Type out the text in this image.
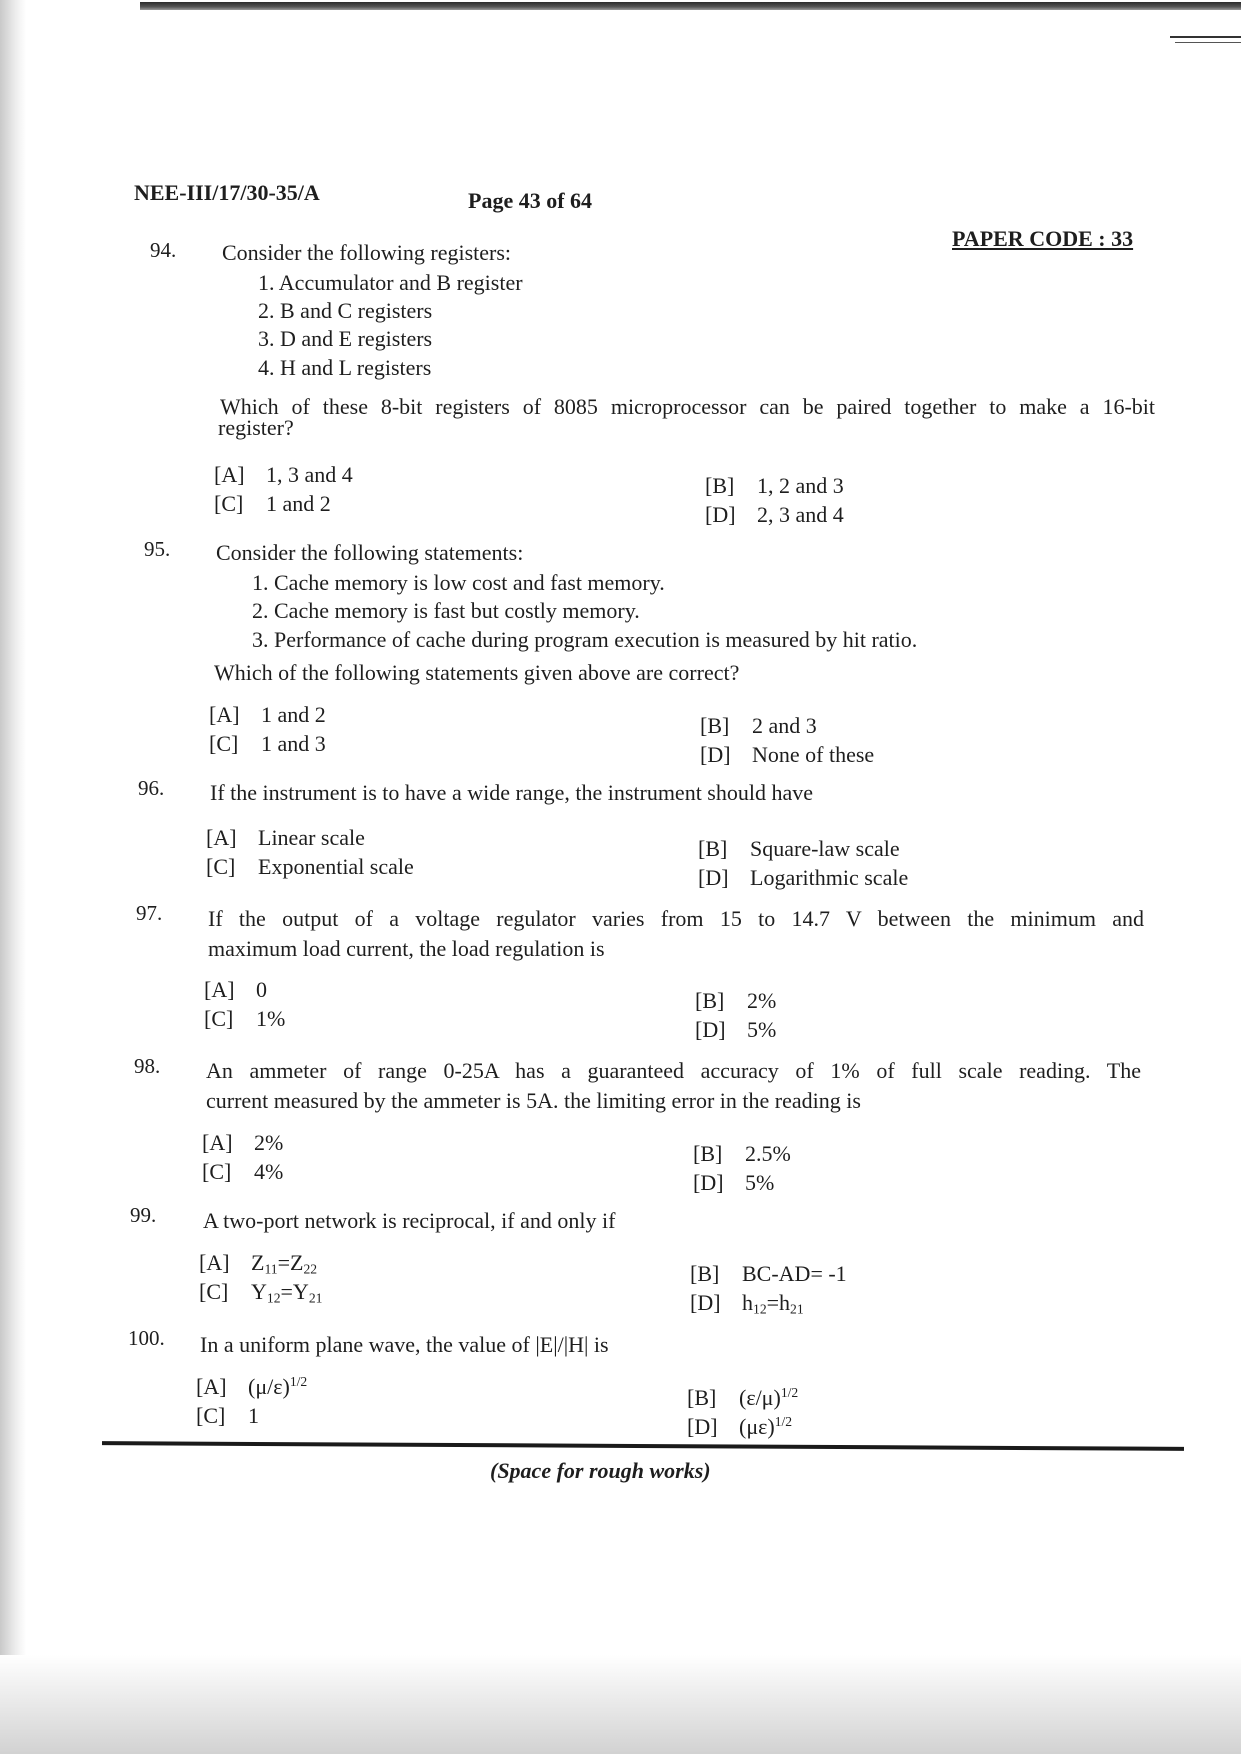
NEE-III/17/30-35/A	Page 43 of 64
PAPER CODE : 33
94. Consider the following registers:
1. Accumulator and B register
2. B and C registers
3. D and E registers
4. H and L registers
Which of these 8-bit registers of 8085 microprocessor can be paired together to make a 16-bit
register?
[A] 1, 3 and 4
[C] 1 and 2
[B] 1, 2 and 3
[D] 2, 3 and 4
95. Consider the following statements:
1. Cache memory is low cost and fast memory.
2. Cache memory is fast but costly memory.
3. Performance of cache during program execution is measured by hit ratio.
Which of the following statements given above are correct?
[A] 1 and 2
[C] 1 and 3
[B] 2 and 3
[D] None of these
96. If the instrument is to have a wide range, the instrument should have
[A] Linear scale
[C] Exponential scale
[B] Square-law scale
[D] Logarithmic scale
97. If the output of a voltage regulator varies from 15 to 14.7 V between the minimum and
maximum load current, the load regulation is
[A] 0
[C] 1%
[B] 2%
[D] 5%
98. An ammeter of range 0-25A has a guaranteed accuracy of 1% of full scale reading. The
current measured by the ammeter is 5A. the limiting error in the reading is
[A] 2%
[C] 4%
[B] 2.5%
[D] 5%
99. A two-port network is reciprocal, if and only if
[A] $Z_{11}=Z_{22}$
[C] $Y_{12}=Y_{21}$
[B] BC-AD= -1
[D] $h_{12}=h_{21}$
100. In a uniform plane wave, the value of |E|/|H| is
[A] $(\mu/\varepsilon)^{1/2}$
[C] 1
[B] $(\varepsilon/\mu)^{1/2}$
[D] $(\mu\varepsilon)^{1/2}$
(Space for rough works)
